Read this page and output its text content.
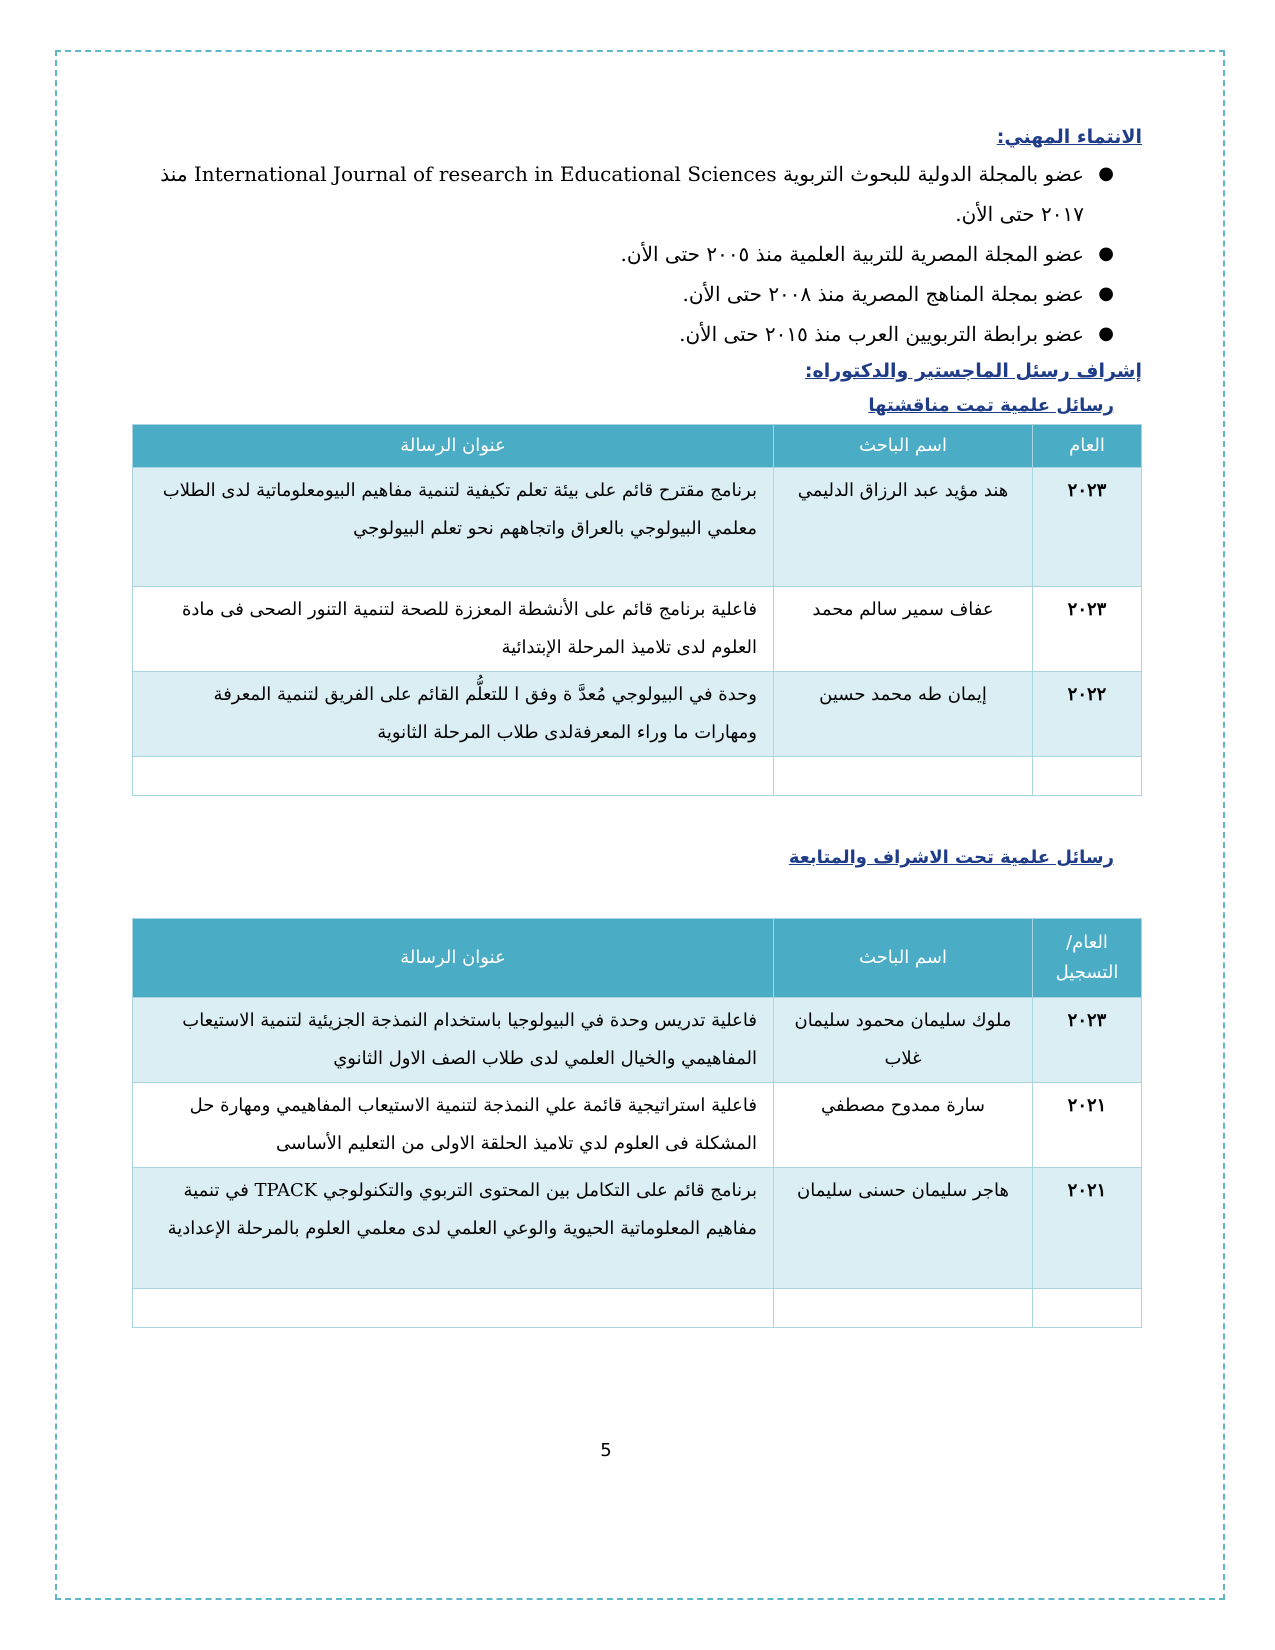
الانتماء المهني:
●
عضو بالمجلة الدولية للبحوث التربوية International Journal of research in Educational Sciences منذ ٢٠١٧ حتى الأن.
●
عضو المجلة المصرية للتربية العلمية منذ ٢٠٠٥ حتى الأن.
●
عضو بمجلة المناهج المصرية منذ ٢٠٠٨ حتى الأن.
●
عضو برابطة التربويين العرب منذ ٢٠١٥ حتى الأن.
إشراف رسئل الماجستير والدكتوراه:
رسائل علمية تمت مناقشتها
العام	اسم الباحث	عنوان الرسالة
٢٠٢٣	هند مؤيد عبد الرزاق الدليمي	برنامج مقترح قائم على بيئة تعلم تكيفية لتنمية مفاهيم البيومعلوماتية لدى الطلاب معلمي البيولوجي بالعراق واتجاههم نحو تعلم البيولوجي
٢٠٢٣	عفاف سمير سالم محمد	فاعلية برنامج قائم على الأنشطة المعززة للصحة لتنمية التنور الصحى فى مادة العلوم لدى تلاميذ المرحلة الإبتدائية
٢٠٢٢	إيمان طه محمد حسين	وحدة في البيولوجي مُعدَّ ة وفق ا للتعلُّم القائم على الفريق لتنمية المعرفة ومهارات ما وراء المعرفةلدى طلاب المرحلة الثانوية

رسائل علمية تحت الاشراف والمتابعة
العام/ التسجيل	اسم الباحث	عنوان الرسالة
٢٠٢٣	ملوك سليمان محمود سليمان غلاب	فاعلية تدريس وحدة في البيولوجيا باستخدام النمذجة الجزيئية لتنمية الاستيعاب المفاهيمي والخيال العلمي لدى طلاب الصف الاول الثانوي
٢٠٢١	سارة ممدوح مصطفي	فاعلية استراتيجية قائمة علي النمذجة لتنمية الاستيعاب المفاهيمي ومهارة حل المشكلة فى العلوم لدي تلاميذ الحلقة الاولى من التعليم الأساسى
٢٠٢١	هاجر سليمان حسنى سليمان	برنامج قائم على التكامل بين المحتوى التربوي والتكنولوجي TPACK في تنمية مفاهيم المعلوماتية الحيوية والوعي العلمي لدى معلمي العلوم بالمرحلة الإعدادية

5
